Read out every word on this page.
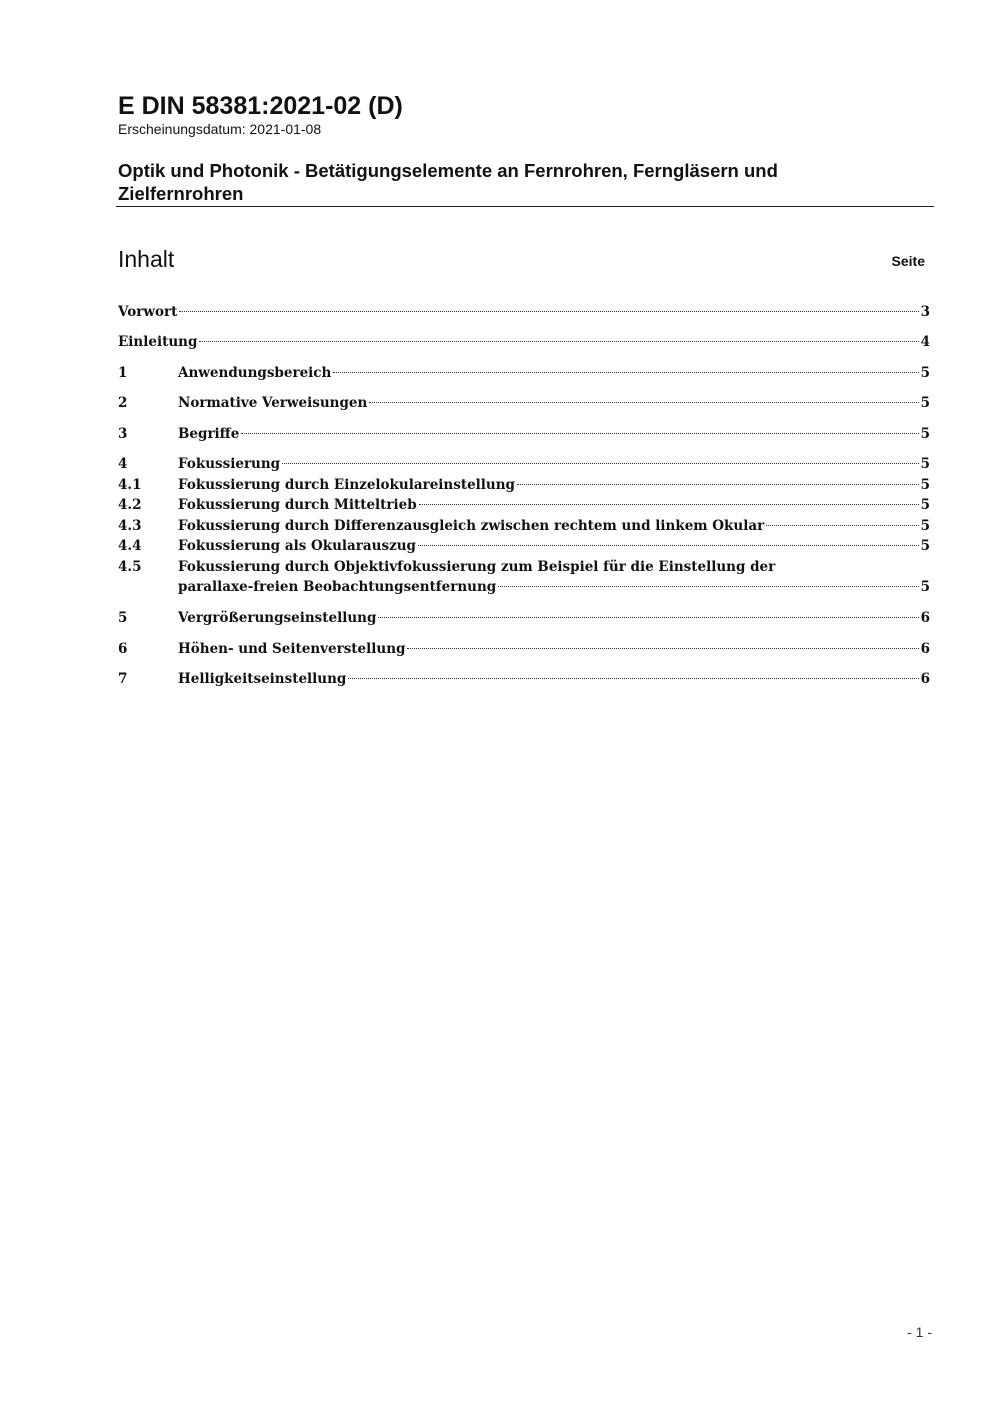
E DIN 58381:2021-02 (D)
Erscheinungsdatum: 2021-01-08
Optik und Photonik - Betätigungselemente an Fernrohren, Ferngläsern und Zielfernrohren
Inhalt	Seite
Vorwort	3
Einleitung	4
1	Anwendungsbereich	5
2	Normative Verweisungen	5
3	Begriffe	5
4	Fokussierung	5
4.1	Fokussierung durch Einzelokulareinstellung	5
4.2	Fokussierung durch Mitteltrieb	5
4.3	Fokussierung durch Differenzausgleich zwischen rechtem und linkem Okular	5
4.4	Fokussierung als Okularauszug	5
4.5	Fokussierung durch Objektivfokussierung zum Beispiel für die Einstellung der
parallaxe-freien Beobachtungsentfernung	5
5	Vergrößerungseinstellung	6
6	Höhen- und Seitenverstellung	6
7	Helligkeitseinstellung	6
- 1 -
